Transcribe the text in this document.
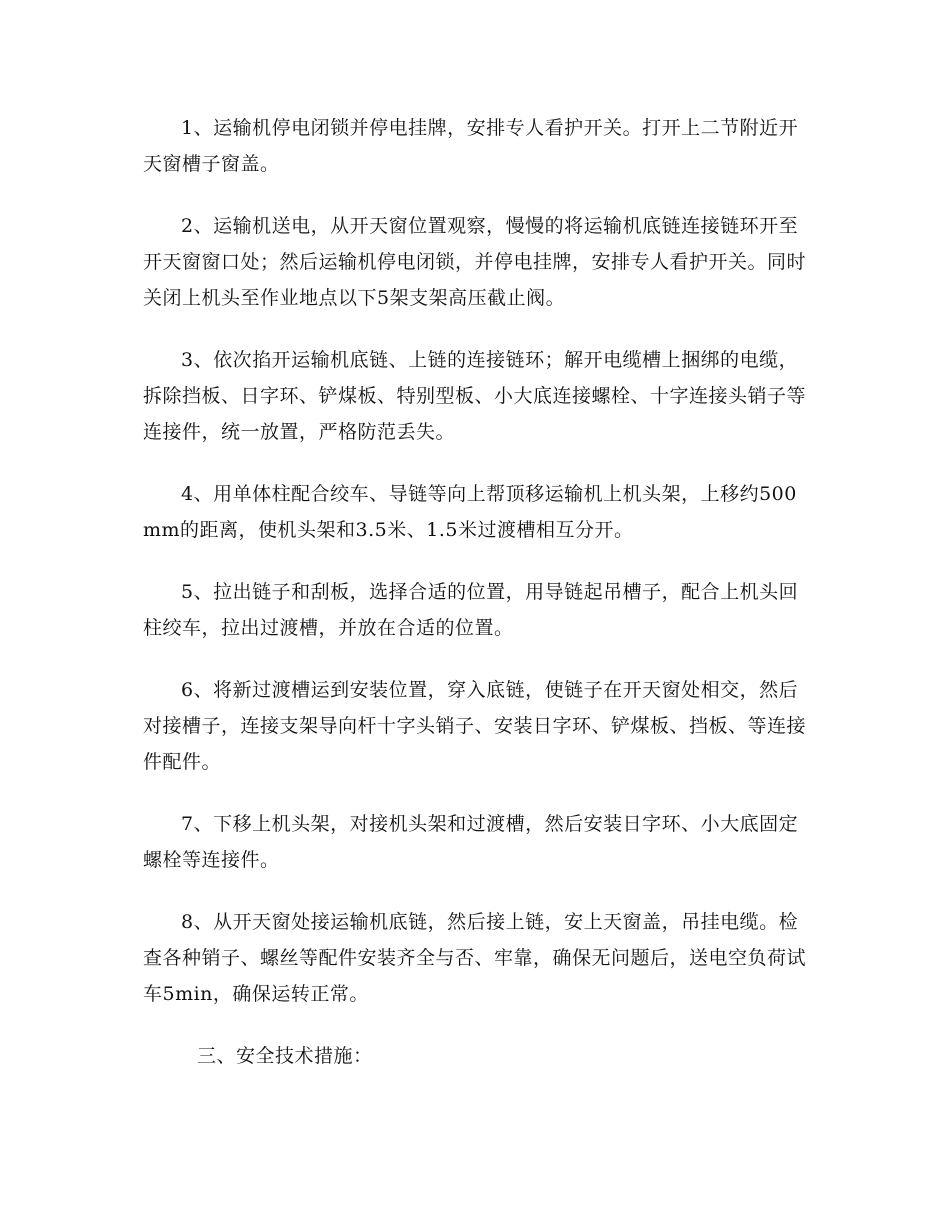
1、运输机停电闭锁并停电挂牌，安排专人看护开关。打开上二节附近开天窗槽子窗盖。

2、运输机送电，从开天窗位置观察，慢慢的将运输机底链连接链环开至开天窗窗口处；然后运输机停电闭锁，并停电挂牌，安排专人看护开关。同时关闭上机头至作业地点以下5架支架高压截止阀。

3、依次掐开运输机底链、上链的连接链环；解开电缆槽上捆绑的电缆，拆除挡板、日字环、铲煤板、特别型板、小大底连接螺栓、十字连接头销子等连接件，统一放置，严格防范丢失。

4、用单体柱配合绞车、导链等向上帮顶移运输机上机头架，上移约500mm的距离，使机头架和3.5米、1.5米过渡槽相互分开。

5、拉出链子和刮板，选择合适的位置，用导链起吊槽子，配合上机头回柱绞车，拉出过渡槽，并放在合适的位置。

6、将新过渡槽运到安装位置，穿入底链，使链子在开天窗处相交，然后对接槽子，连接支架导向杆十字头销子、安装日字环、铲煤板、挡板、等连接件配件。

7、下移上机头架，对接机头架和过渡槽，然后安装日字环、小大底固定螺栓等连接件。

8、从开天窗处接运输机底链，然后接上链，安上天窗盖，吊挂电缆。检查各种销子、螺丝等配件安装齐全与否、牢靠，确保无问题后，送电空负荷试车5min，确保运转正常。

三、安全技术措施：
